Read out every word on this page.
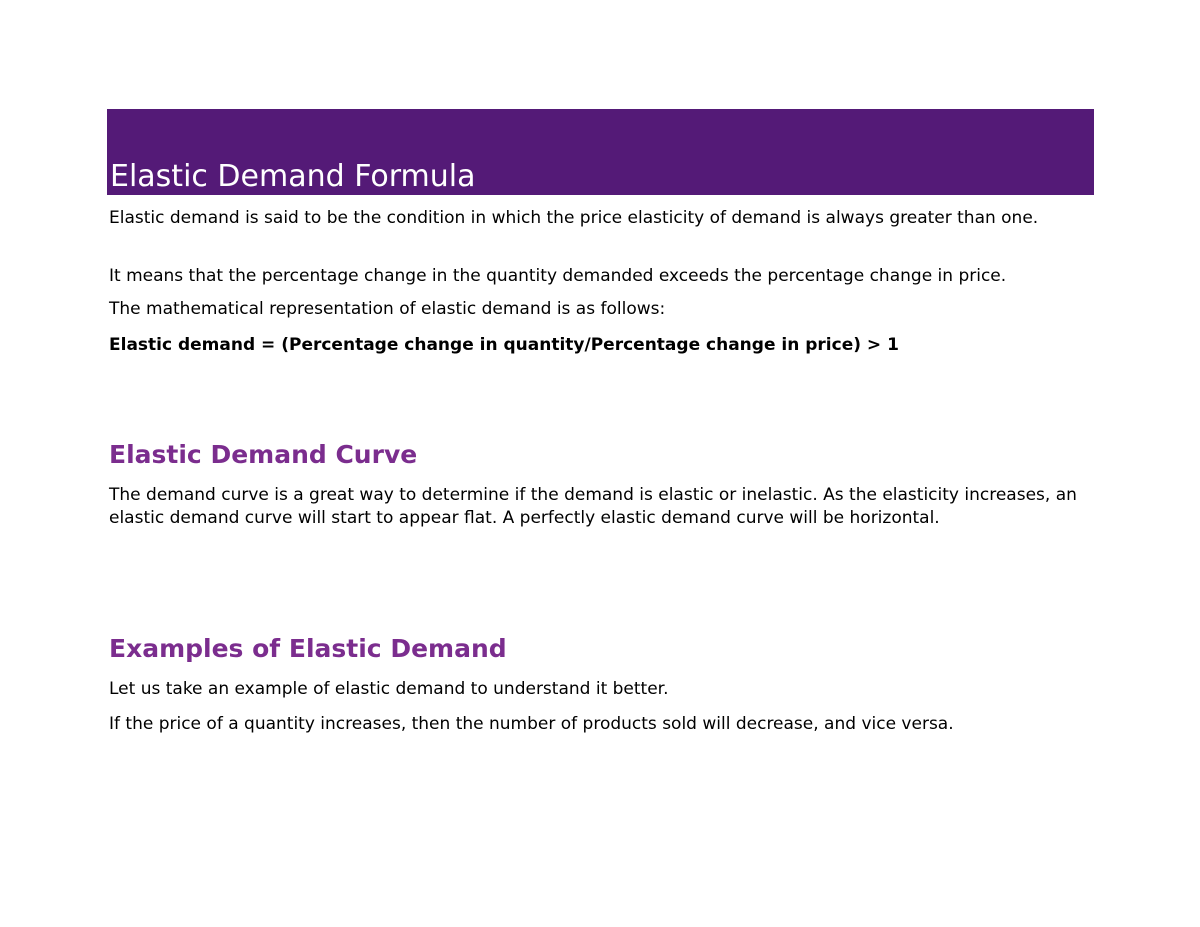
Elastic Demand Formula

Elastic demand is said to be the condition in which the price elasticity of demand is always greater than one.

It means that the percentage change in the quantity demanded exceeds the percentage change in price.

The mathematical representation of elastic demand is as follows:

Elastic demand = (Percentage change in quantity/Percentage change in price) > 1

Elastic Demand Curve

The demand curve is a great way to determine if the demand is elastic or inelastic. As the elasticity increases, an elastic demand curve will start to appear flat. A perfectly elastic demand curve will be horizontal.

Examples of Elastic Demand

Let us take an example of elastic demand to understand it better.

If the price of a quantity increases, then the number of products sold will decrease, and vice versa.
